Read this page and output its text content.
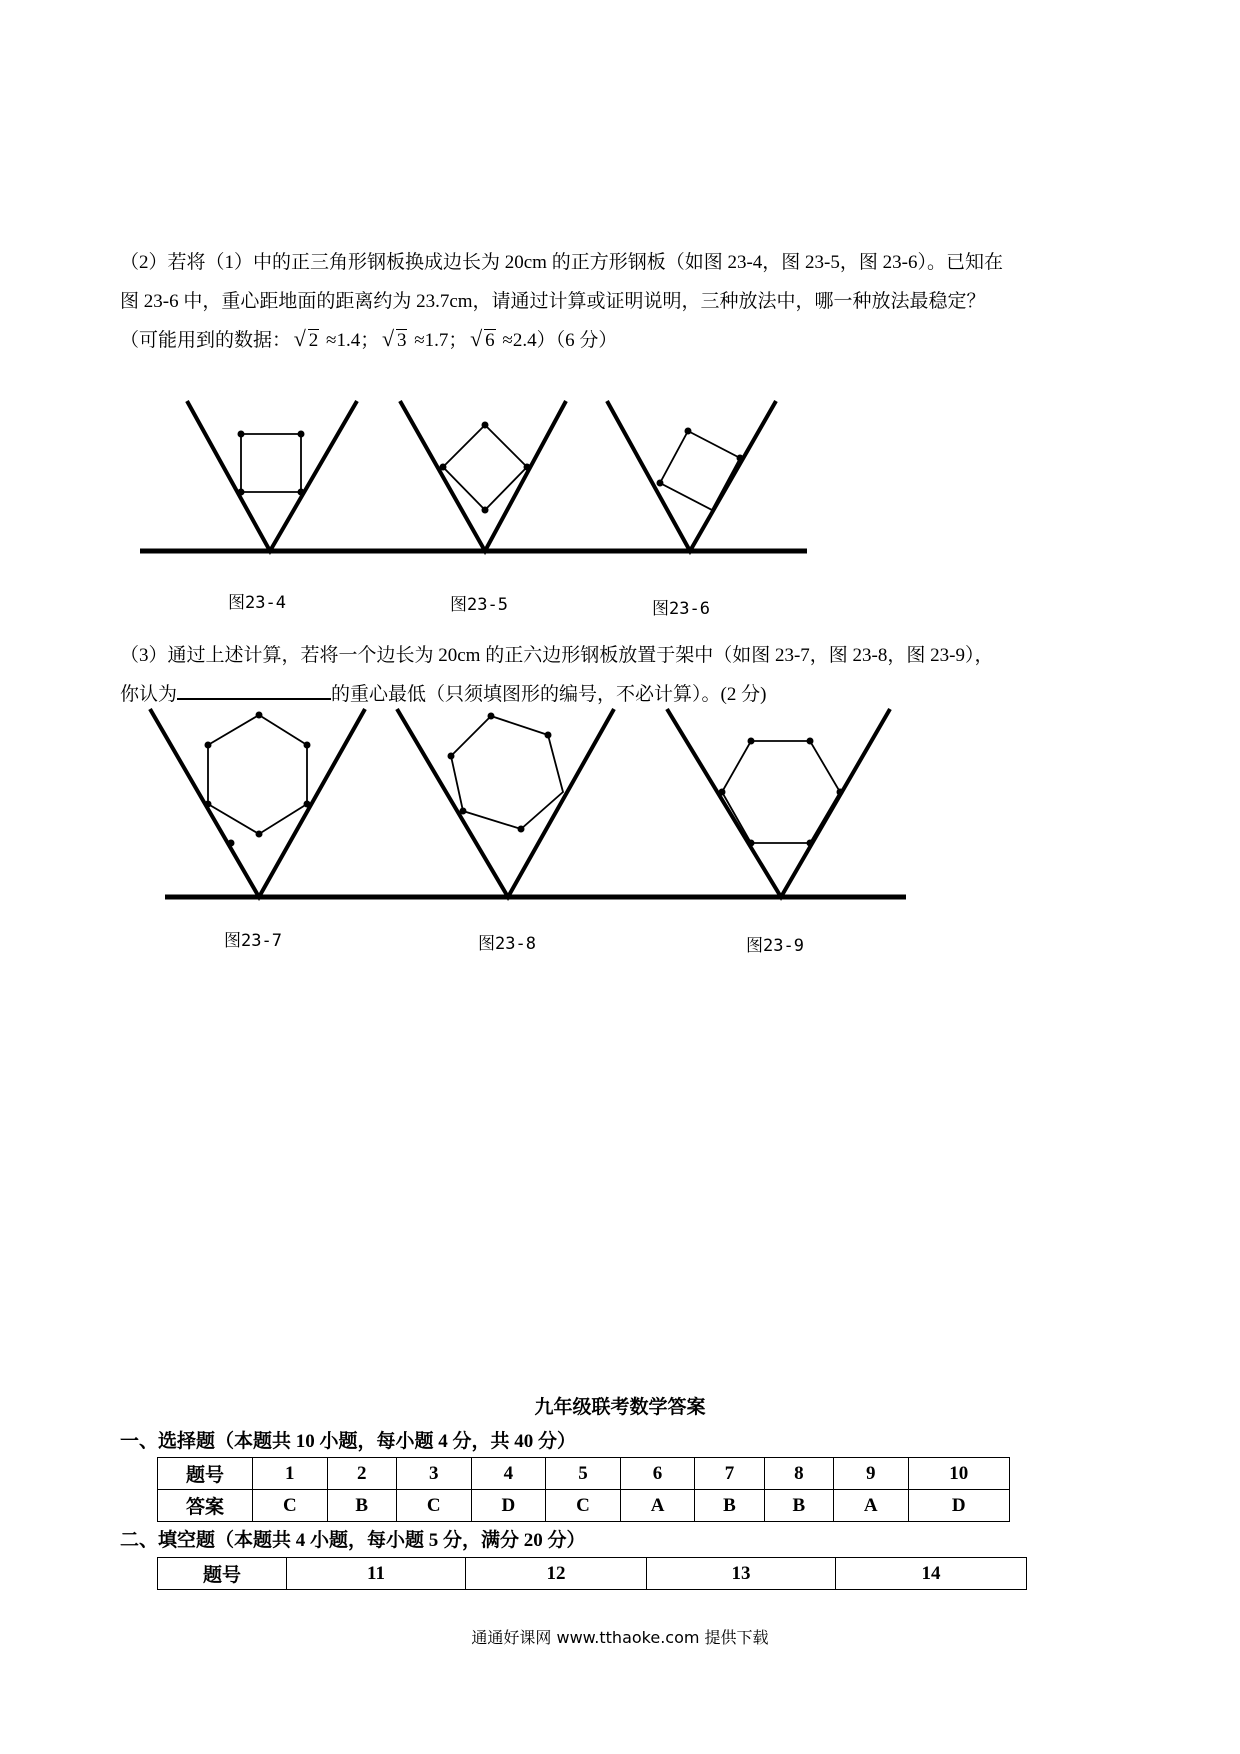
（2）若将（1）中的正三角形钢板换成边长为 20cm 的正方形钢板（如图 23-4，图 23-5，图 23-6）。已知在

图 23-6 中，重心距地面的距离约为 23.7cm，请通过计算或证明说明，三种放法中，哪一种放法最稳定？

（可能用到的数据： √ 2 ≈1.4； √ 3 ≈1.7； √ 6 ≈2.4）（6 分）

图23-4	图23-5	图23-6

（3）通过上述计算，若将一个边长为 20cm 的正六边形钢板放置于架中（如图 23-7，图 23-8，图 23-9），

你认为	的重心最低（只须填图形的编号，不必计算）。(2 分)

图23-7	图23-8	图23-9
九年级联考数学答案
一、选择题（本题共 10 小题，每小题 4 分，共 40 分）
题号	1	2	3	4	5	6	7	8	9	10
答案	C	B	C	D	C	A	B	B	A	D
二、填空题（本题共 4 小题，每小题 5 分，满分 20 分）
题号	11	12	13	14
通通好课网 www.tthaoke.com 提供下载
